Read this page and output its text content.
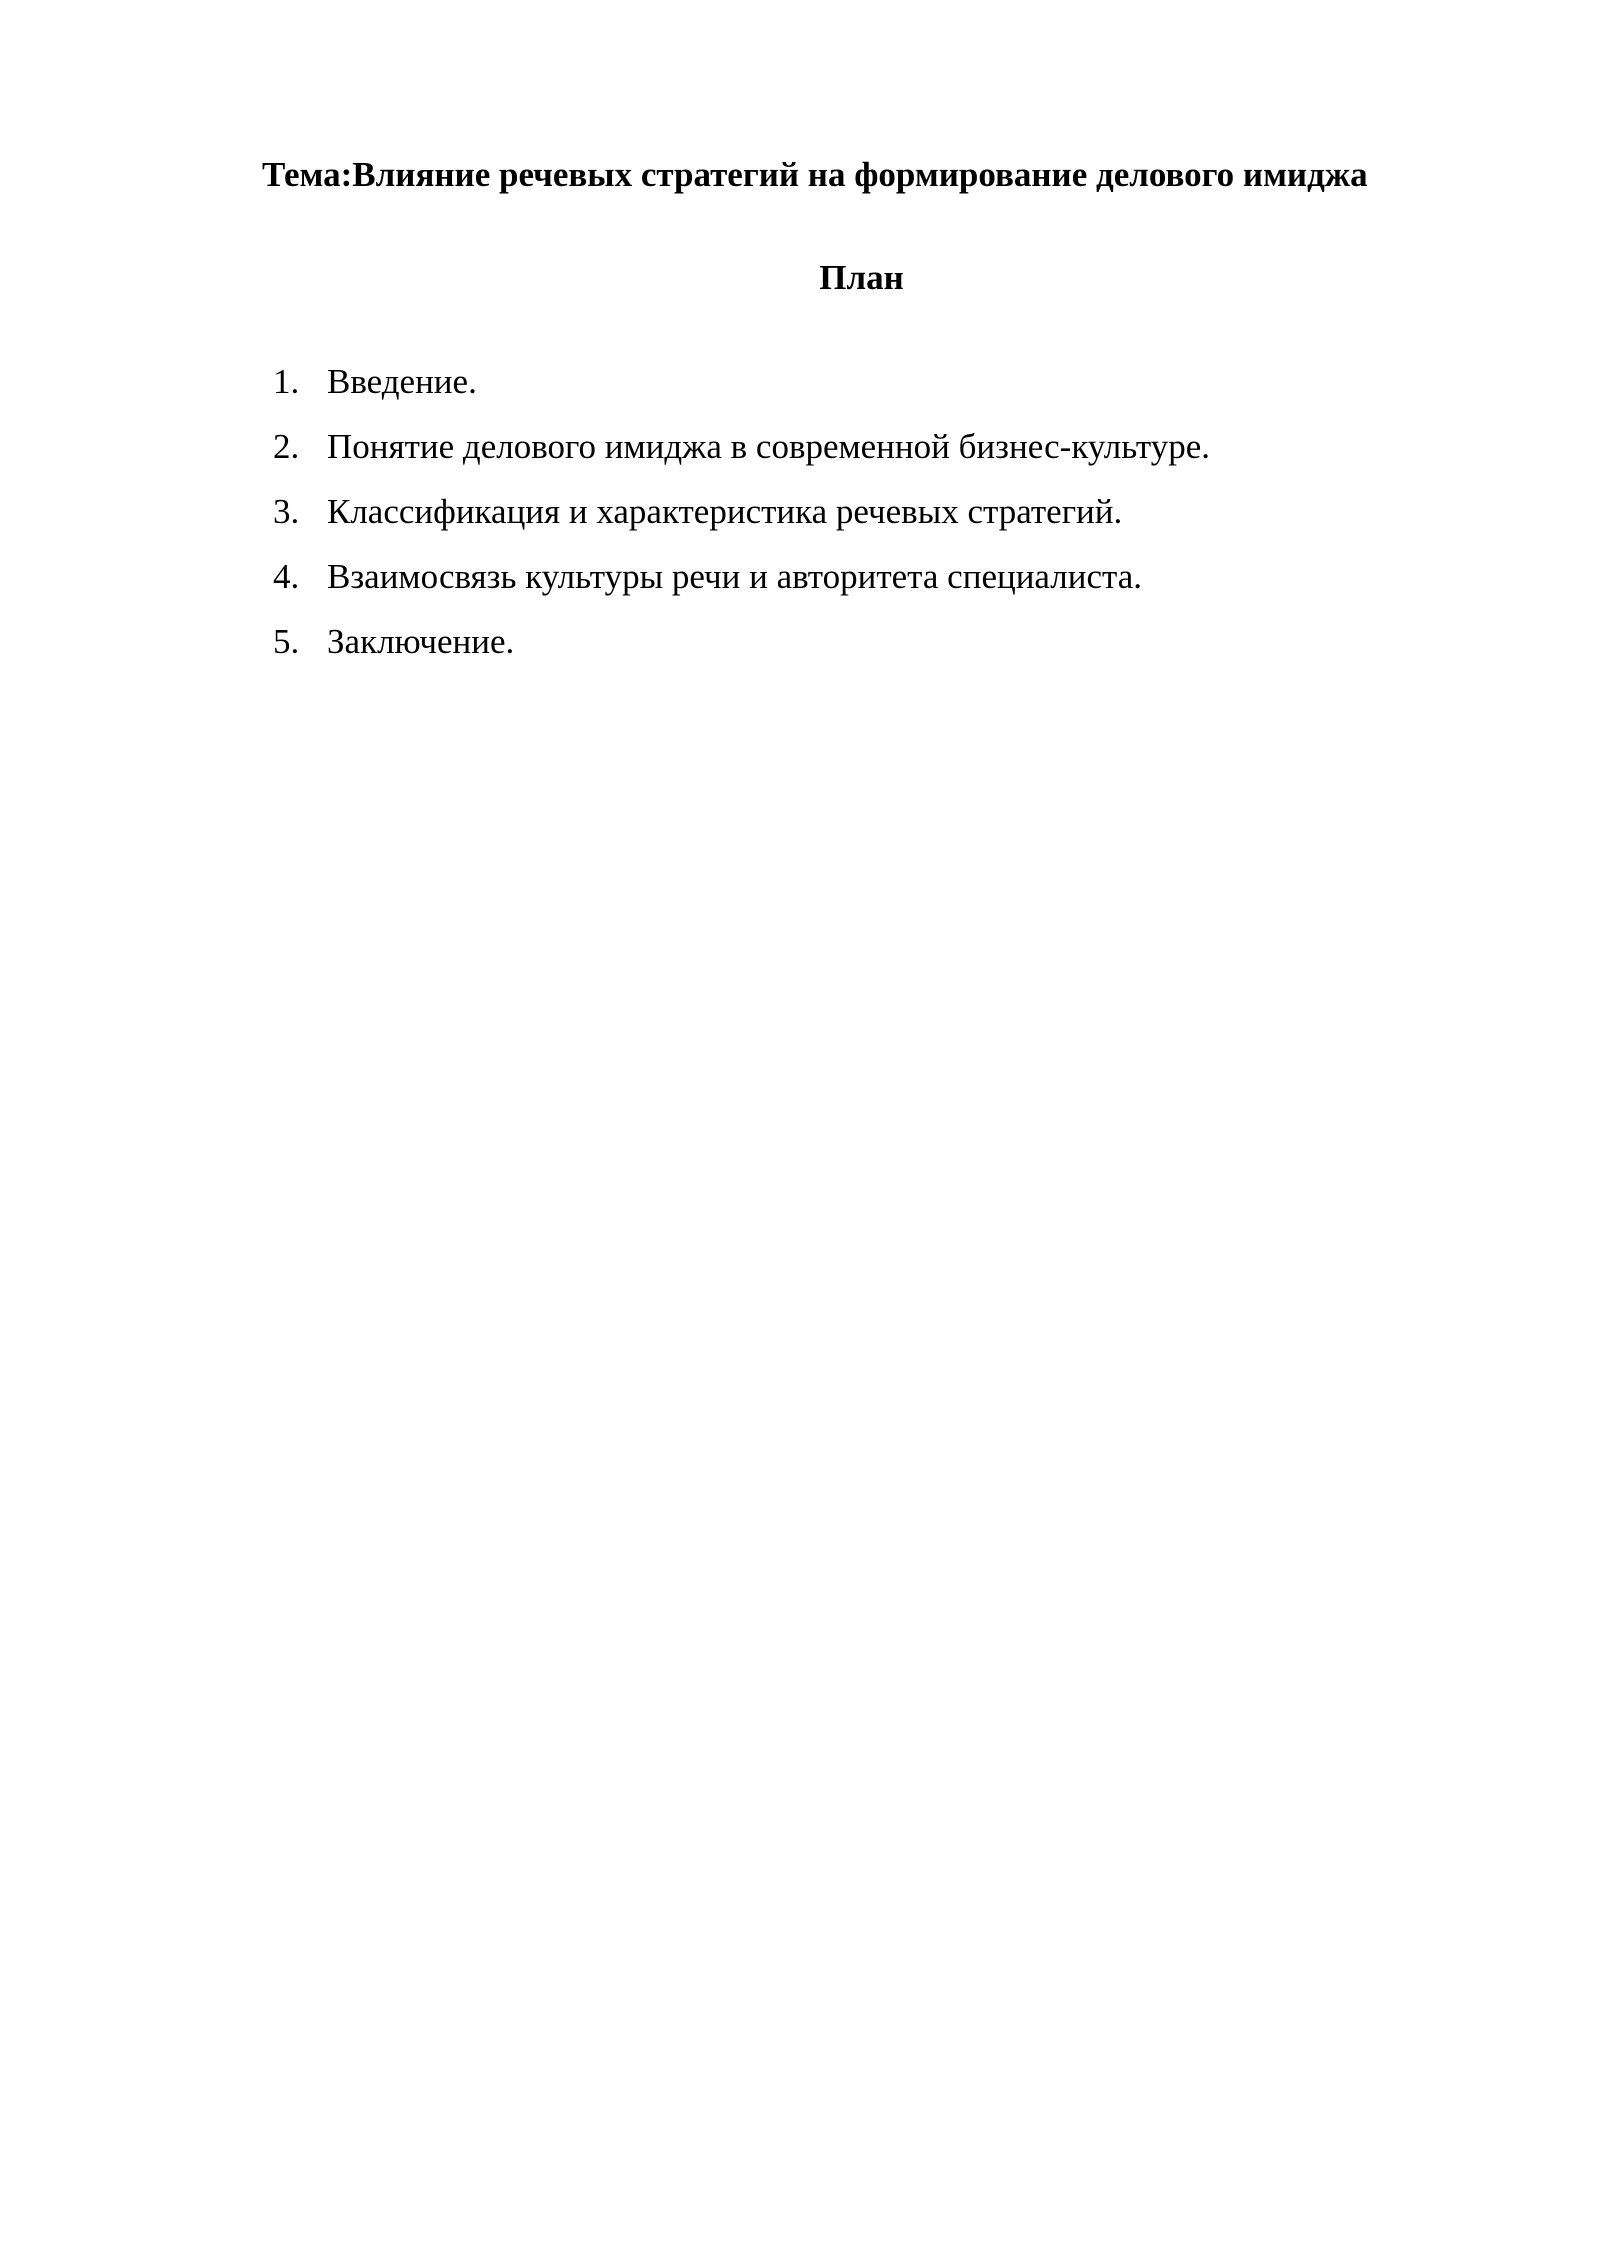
Тема:Влияние речевых стратегий на формирование делового имиджа
План
1. Введение.
2. Понятие делового имиджа в современной бизнес-культуре.
3. Классификация и характеристика речевых стратегий.
4. Взаимосвязь культуры речи и авторитета специалиста.
5. Заключение.
